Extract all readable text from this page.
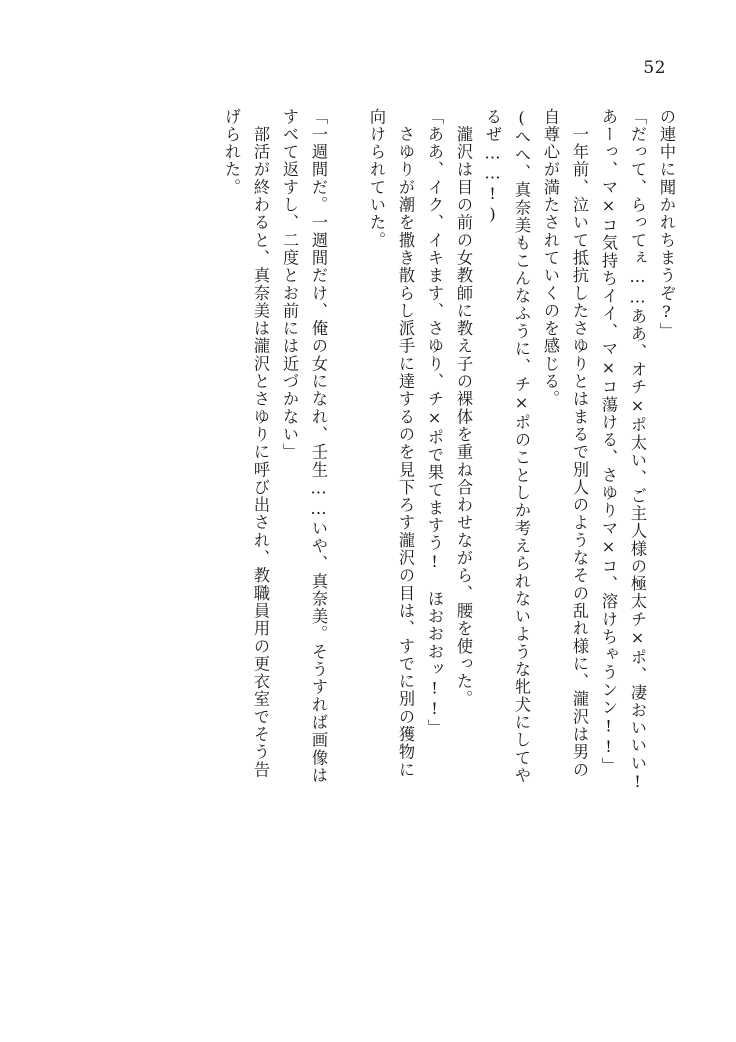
52
の連中に聞かれちまうぞ?」
「だって、らってぇ……ああ、オチ×ポ太い、ご主人様の極太チ×ポ、凄おいいい!
あーっ、マ×コ気持ちイイ、マ×コ蕩ける、さゆりマ×コ、溶けちゃうンン!!」
　一年前、泣いて抵抗したさゆりとはまるで別人のようなその乱れ様に、瀧沢は男の
自尊心が満たされていくのを感じる。
(へへ、真奈美もこんなふうに、チ×ポのことしか考えられないような牝犬にしてや
るぜ……!)
　瀧沢は目の前の女教師に教え子の裸体を重ね合わせながら、腰を使った。
「ああ、イク、イキます、さゆり、チ×ポで果てますう!　ほおおおッ!!」
　さゆりが潮を撒き散らし派手に達するのを見下ろす瀧沢の目は、すでに別の獲物に
向けられていた。
「一週間だ。一週間だけ、俺の女になれ、壬生……いや、真奈美。そうすれば画像は
すべて返すし、二度とお前には近づかない」
　部活が終わると、真奈美は瀧沢とさゆりに呼び出され、教職員用の更衣室でそう告
げられた。
